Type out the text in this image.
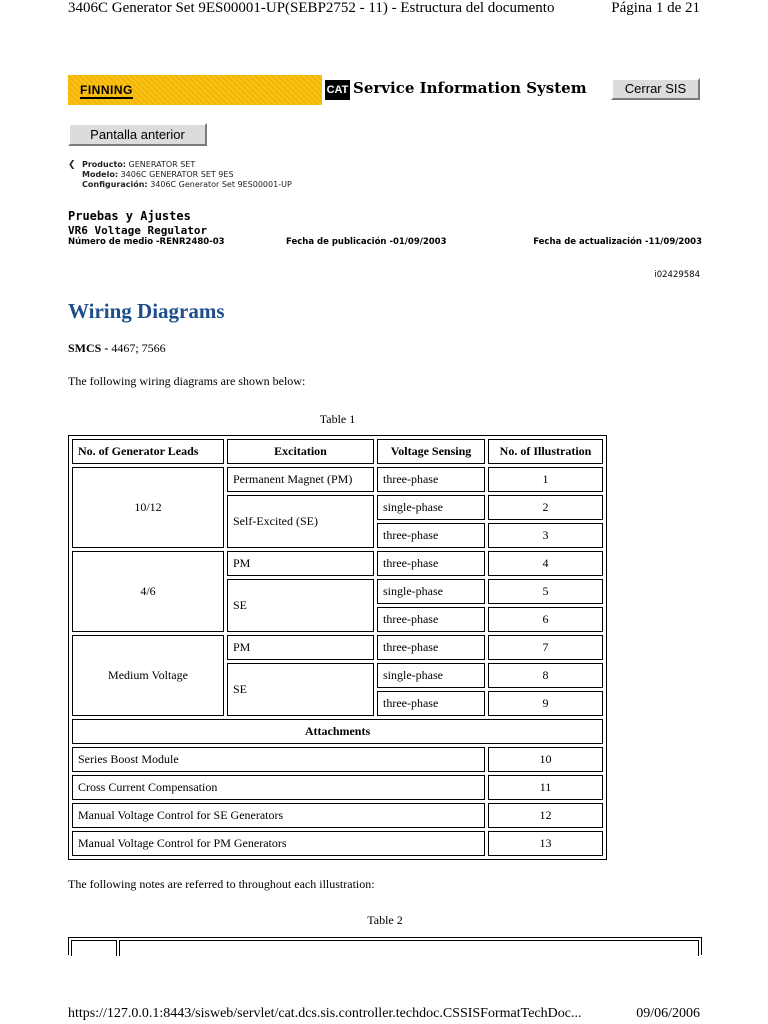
3406C Generator Set 9ES00001-UP(SEBP2752 - 11) - Estructura del documento	Página 1 de 21
FINNING	CAT Service Information System	Cerrar SIS
Pantalla anterior
❮ Producto: GENERATOR SET
Modelo: 3406C GENERATOR SET 9ES
Configuración: 3406C Generator Set 9ES00001-UP
Pruebas y Ajustes
VR6 Voltage Regulator
Número de medio -RENR2480-03	Fecha de publicación -01/09/2003	Fecha de actualización -11/09/2003
i02429584
Wiring Diagrams
SMCS - 4467; 7566
The following wiring diagrams are shown below:
Table 1
No. of Generator Leads	Excitation	Voltage Sensing	No. of Illustration
10/12	Permanent Magnet (PM)	three-phase	1
	Self-Excited (SE)	single-phase	2
		three-phase	3
4/6	PM	three-phase	4
	SE	single-phase	5
		three-phase	6
Medium Voltage	PM	three-phase	7
	SE	single-phase	8
		three-phase	9
Attachments			
Series Boost Module			10
Cross Current Compensation			11
Manual Voltage Control for SE Generators			12
Manual Voltage Control for PM Generators			13
The following notes are referred to throughout each illustration:
Table 2
https://127.0.0.1:8443/sisweb/servlet/cat.dcs.sis.controller.techdoc.CSSISFormatTechDoc...	09/06/2006
